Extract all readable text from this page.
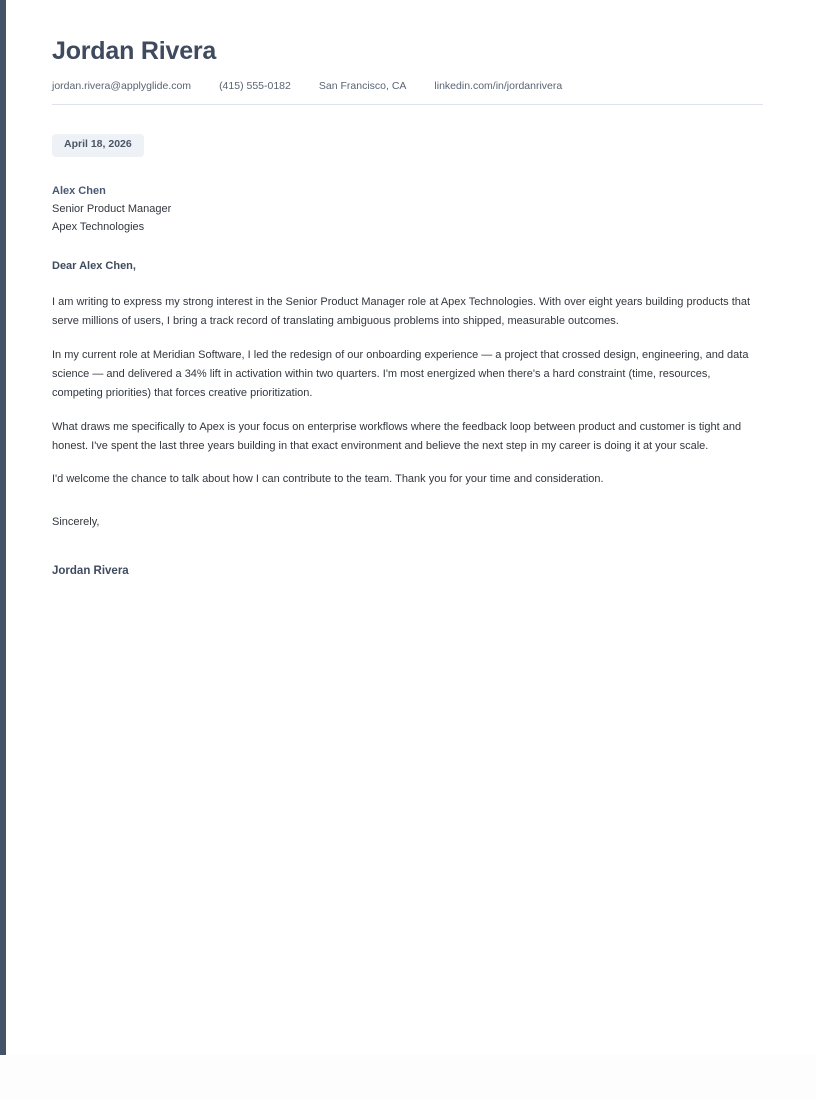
Jordan Rivera
jordan.rivera@applyglide.com	(415) 555-0182	San Francisco, CA	linkedin.com/in/jordanrivera
April 18, 2026
Alex Chen
Senior Product Manager
Apex Technologies
Dear Alex Chen,

I am writing to express my strong interest in the Senior Product Manager role at Apex Technologies. With over eight years building products that serve millions of users, I bring a track record of translating ambiguous problems into shipped, measurable outcomes.

In my current role at Meridian Software, I led the redesign of our onboarding experience — a project that crossed design, engineering, and data science — and delivered a 34% lift in activation within two quarters. I'm most energized when there's a hard constraint (time, resources, competing priorities) that forces creative prioritization.

What draws me specifically to Apex is your focus on enterprise workflows where the feedback loop between product and customer is tight and honest. I've spent the last three years building in that exact environment and believe the next step in my career is doing it at your scale.

I'd welcome the chance to talk about how I can contribute to the team. Thank you for your time and consideration.

Sincerely,
Jordan Rivera
